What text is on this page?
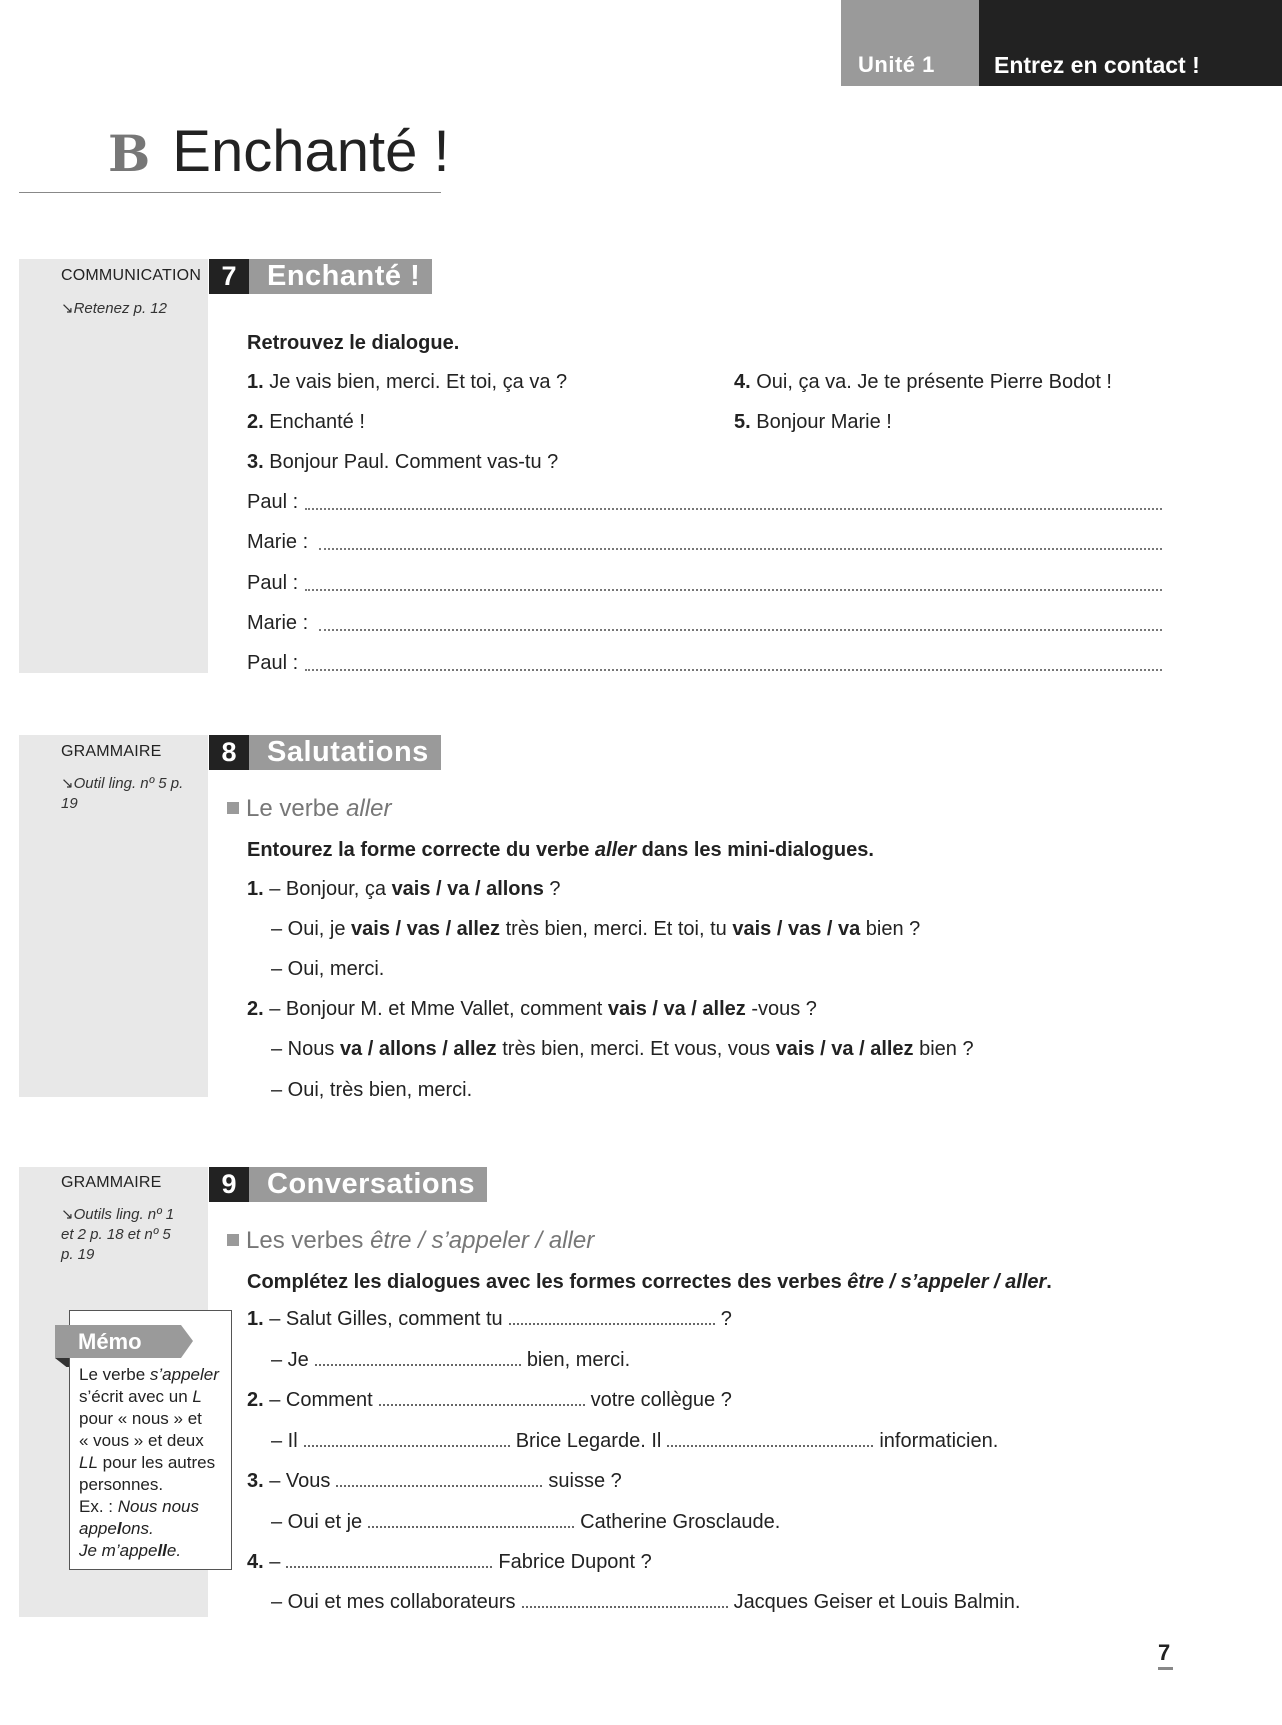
Unité 1	Entrez en contact !
B Enchanté !
COMMUNICATION
↘Retenez p. 12
7	Enchanté !
Retrouvez le dialogue.
1. Je vais bien, merci. Et toi, ça va ?
2. Enchanté !
3. Bonjour Paul. Comment vas-tu ?
4. Oui, ça va. Je te présente Pierre Bodot !
5. Bonjour Marie !
Paul :
Marie :
Paul :
Marie :
Paul :
GRAMMAIRE
↘Outil ling. nº 5 p. 19
8	Salutations
Le verbe aller
Entourez la forme correcte du verbe aller dans les mini-dialogues.
1. – Bonjour, ça vais / va / allons ?
– Oui, je vais / vas / allez très bien, merci. Et toi, tu vais / vas / va bien ?
– Oui, merci.
2. – Bonjour M. et Mme Vallet, comment vais / va / allez -vous ?
– Nous va / allons / allez très bien, merci. Et vous, vous vais / va / allez bien ?
– Oui, très bien, merci.
GRAMMAIRE
↘Outils ling. nº 1 et 2 p. 18 et nº 5 p. 19
9	Conversations
Les verbes être / s’appeler / aller
Complétez les dialogues avec les formes correctes des verbes être / s’appeler / aller.
1. – Salut Gilles, comment tu	?
– Je	bien, merci.
2. – Comment	votre collègue ?
– Il	Brice Legarde. Il	informaticien.
3. – Vous	suisse ?
– Oui et je	Catherine Grosclaude.
4. –	Fabrice Dupont ?
– Oui et mes collaborateurs	Jacques Geiser et Louis Balmin.
Mémo
Le verbe s’appeler
s’écrit avec un L
pour « nous » et
« vous » et deux
LL pour les autres
personnes.
Ex. : Nous nous
appelons.
Je m’appelle.
7
